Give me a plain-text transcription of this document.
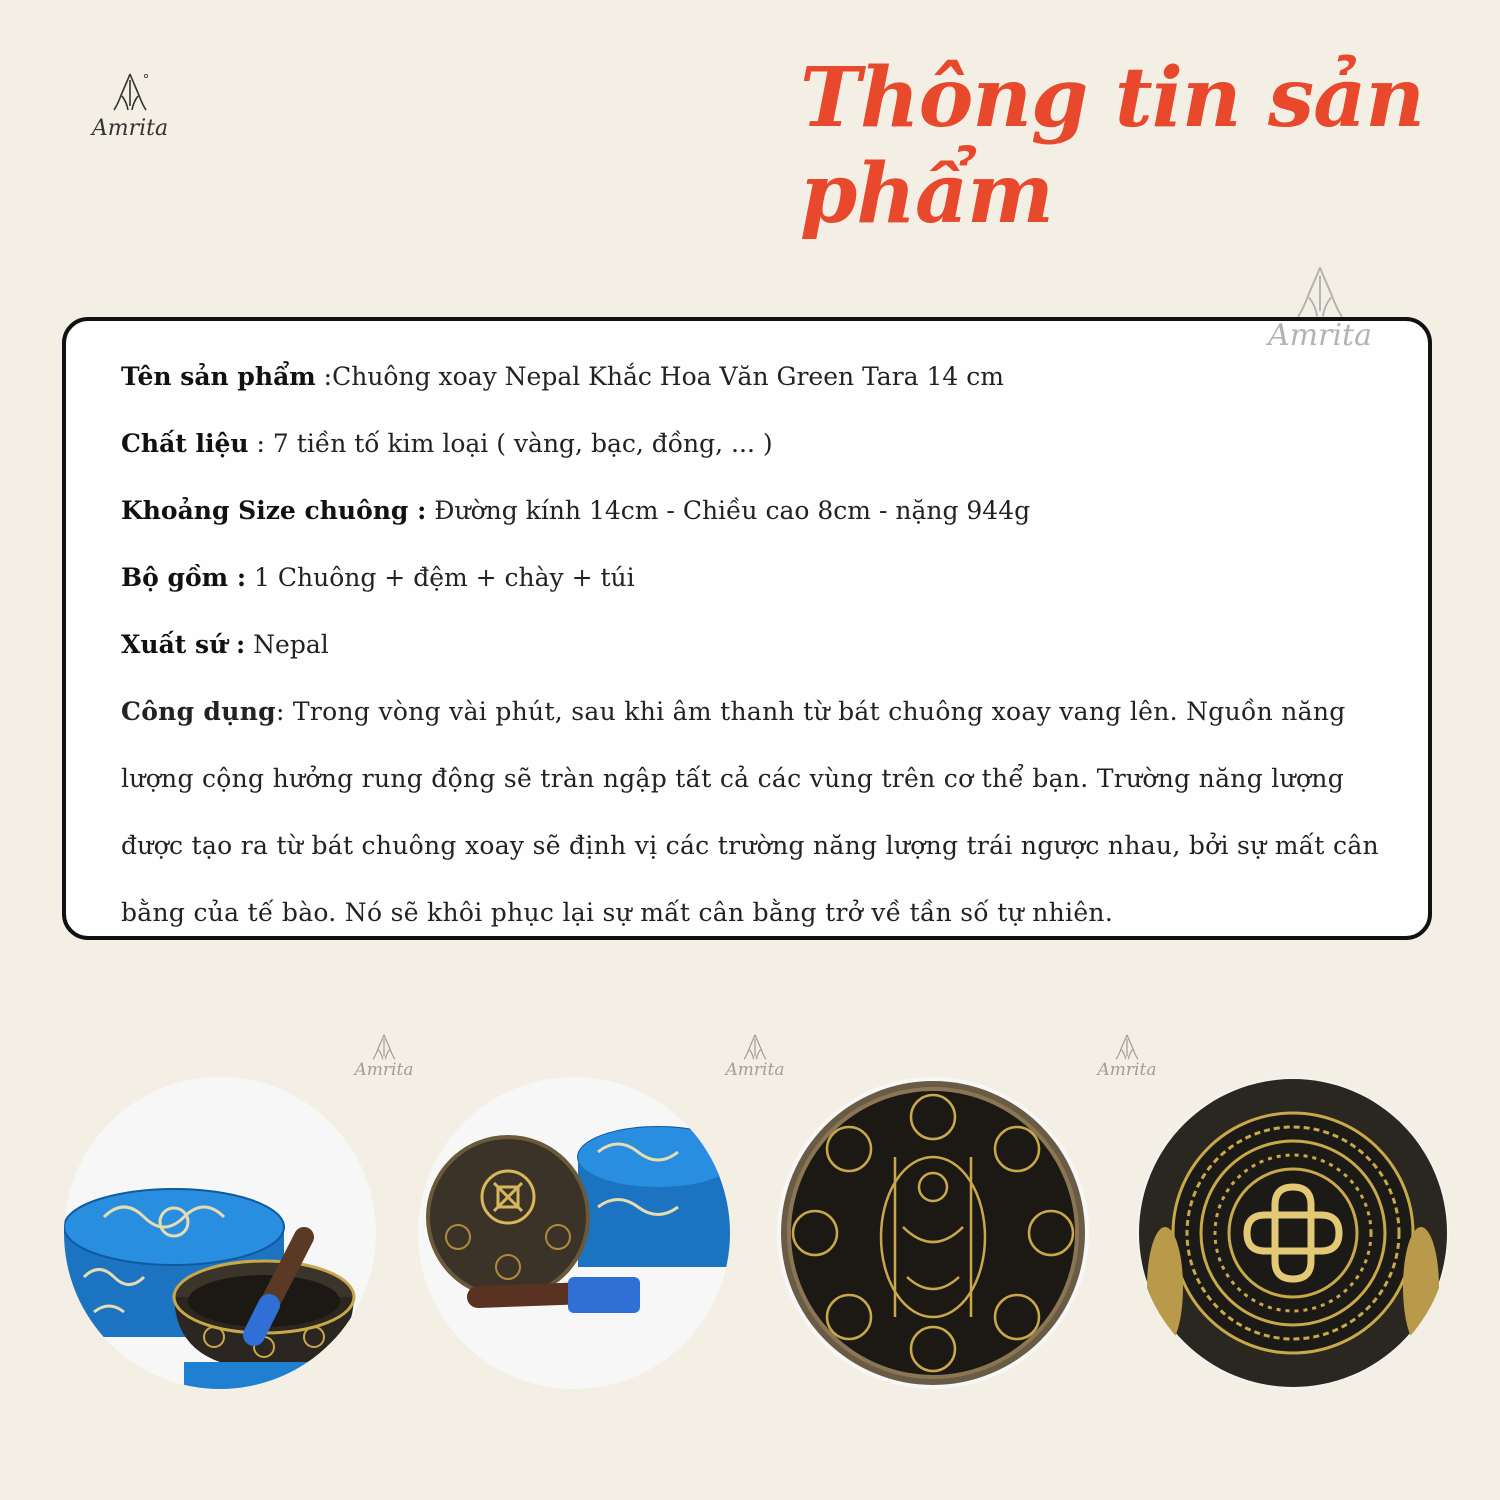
Amrita	Thông tin sản phẩm

Tên sản phẩm :Chuông xoay Nepal Khắc Hoa Văn Green Tara 14 cm

Chất liệu : 7 tiền tố kim loại ( vàng, bạc, đồng, ... )

Khoảng Size chuông : Đường kính 14cm - Chiều cao 8cm - nặng 944g

Bộ gồm : 1 Chuông + đệm + chày + túi

Xuất sứ : Nepal

Công dụng: Trong vòng vài phút, sau khi âm thanh từ bát chuông xoay vang lên. Nguồn năng lượng cộng hưởng rung động sẽ tràn ngập tất cả các vùng trên cơ thể bạn. Trường năng lượng được tạo ra từ bát chuông xoay sẽ định vị các trường năng lượng trái ngược nhau, bởi sự mất cân bằng của tế bào. Nó sẽ khôi phục lại sự mất cân bằng trở về tần số tự nhiên.

Amrita
Amrita	Amrita	Amrita
